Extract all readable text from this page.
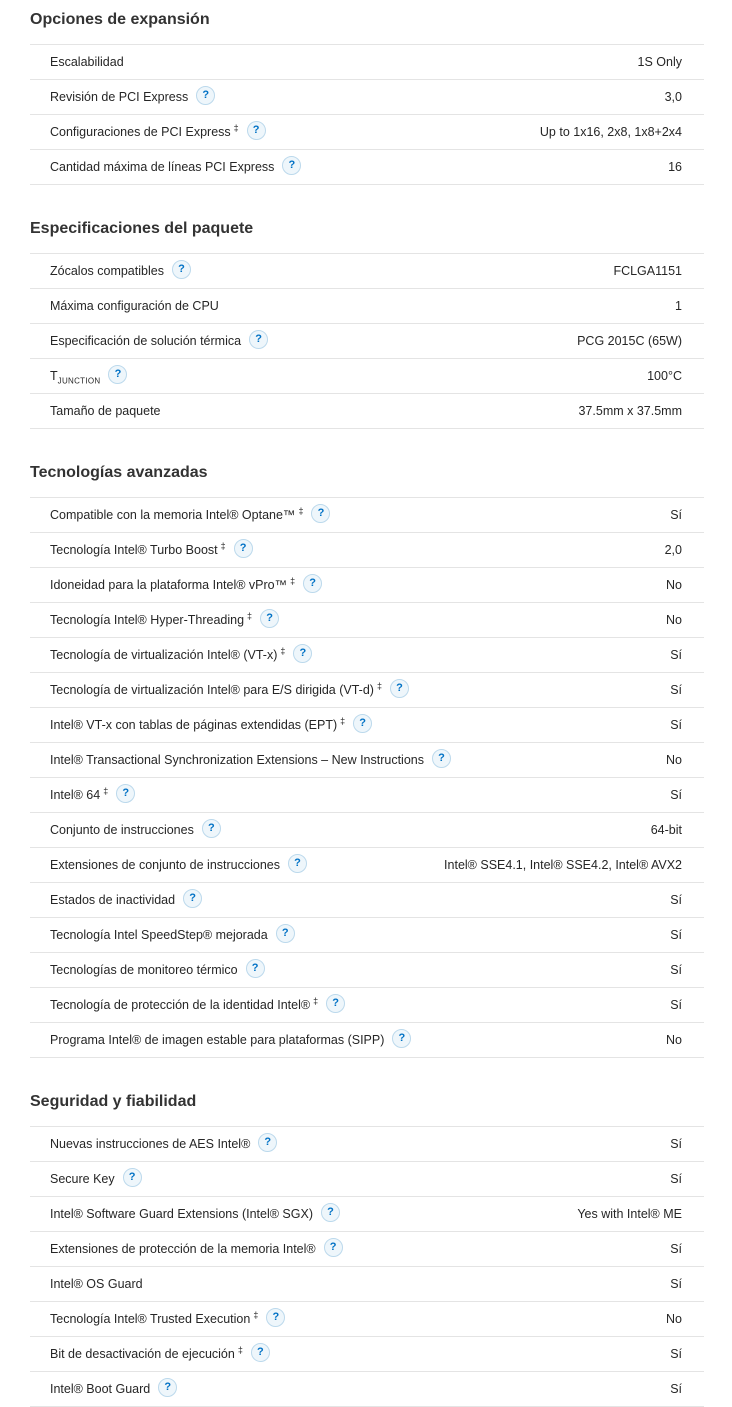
Opciones de expansión
Escalabilidad	1S Only
Revisión de PCI Express ?	3,0
Configuraciones de PCI Express ‡ ?	Up to 1x16, 2x8, 1x8+2x4
Cantidad máxima de líneas PCI Express ?	16
Especificaciones del paquete
Zócalos compatibles ?	FCLGA1151
Máxima configuración de CPU	1
Especificación de solución térmica ?	PCG 2015C (65W)
$T_{JUNCTION}$?	100°C
Tamaño de paquete	37.5mm x 37.5mm
Tecnologías avanzadas
Compatible con la memoria Intel® Optane™ ‡ ?	Sí
Tecnología Intel® Turbo Boost ‡ ?	2,0
Idoneidad para la plataforma Intel® vPro™ ‡ ?	No
Tecnología Intel® Hyper-Threading ‡ ?	No
Tecnología de virtualización Intel® (VT-x) ‡ ?	Sí
Tecnología de virtualización Intel® para E/S dirigida (VT-d) ‡ ?	Sí
Intel® VT-x con tablas de páginas extendidas (EPT) ‡ ?	Sí
Intel® Transactional Synchronization Extensions – New Instructions ?	No
Intel® 64 ‡ ?	Sí
Conjunto de instrucciones ?	64-bit
Extensiones de conjunto de instrucciones ?	Intel® SSE4.1, Intel® SSE4.2, Intel® AVX2
Estados de inactividad ?	Sí
Tecnología Intel SpeedStep® mejorada ?	Sí
Tecnologías de monitoreo térmico ?	Sí
Tecnología de protección de la identidad Intel® ‡ ?	Sí
Programa Intel® de imagen estable para plataformas (SIPP) ?	No
Seguridad y fiabilidad
Nuevas instrucciones de AES Intel® ?	Sí
Secure Key ?	Sí
Intel® Software Guard Extensions (Intel® SGX) ?	Yes with Intel® ME
Extensiones de protección de la memoria Intel® ?	Sí
Intel® OS Guard	Sí
Tecnología Intel® Trusted Execution ‡ ?	No
Bit de desactivación de ejecución ‡ ?	Sí
Intel® Boot Guard ?	Sí
